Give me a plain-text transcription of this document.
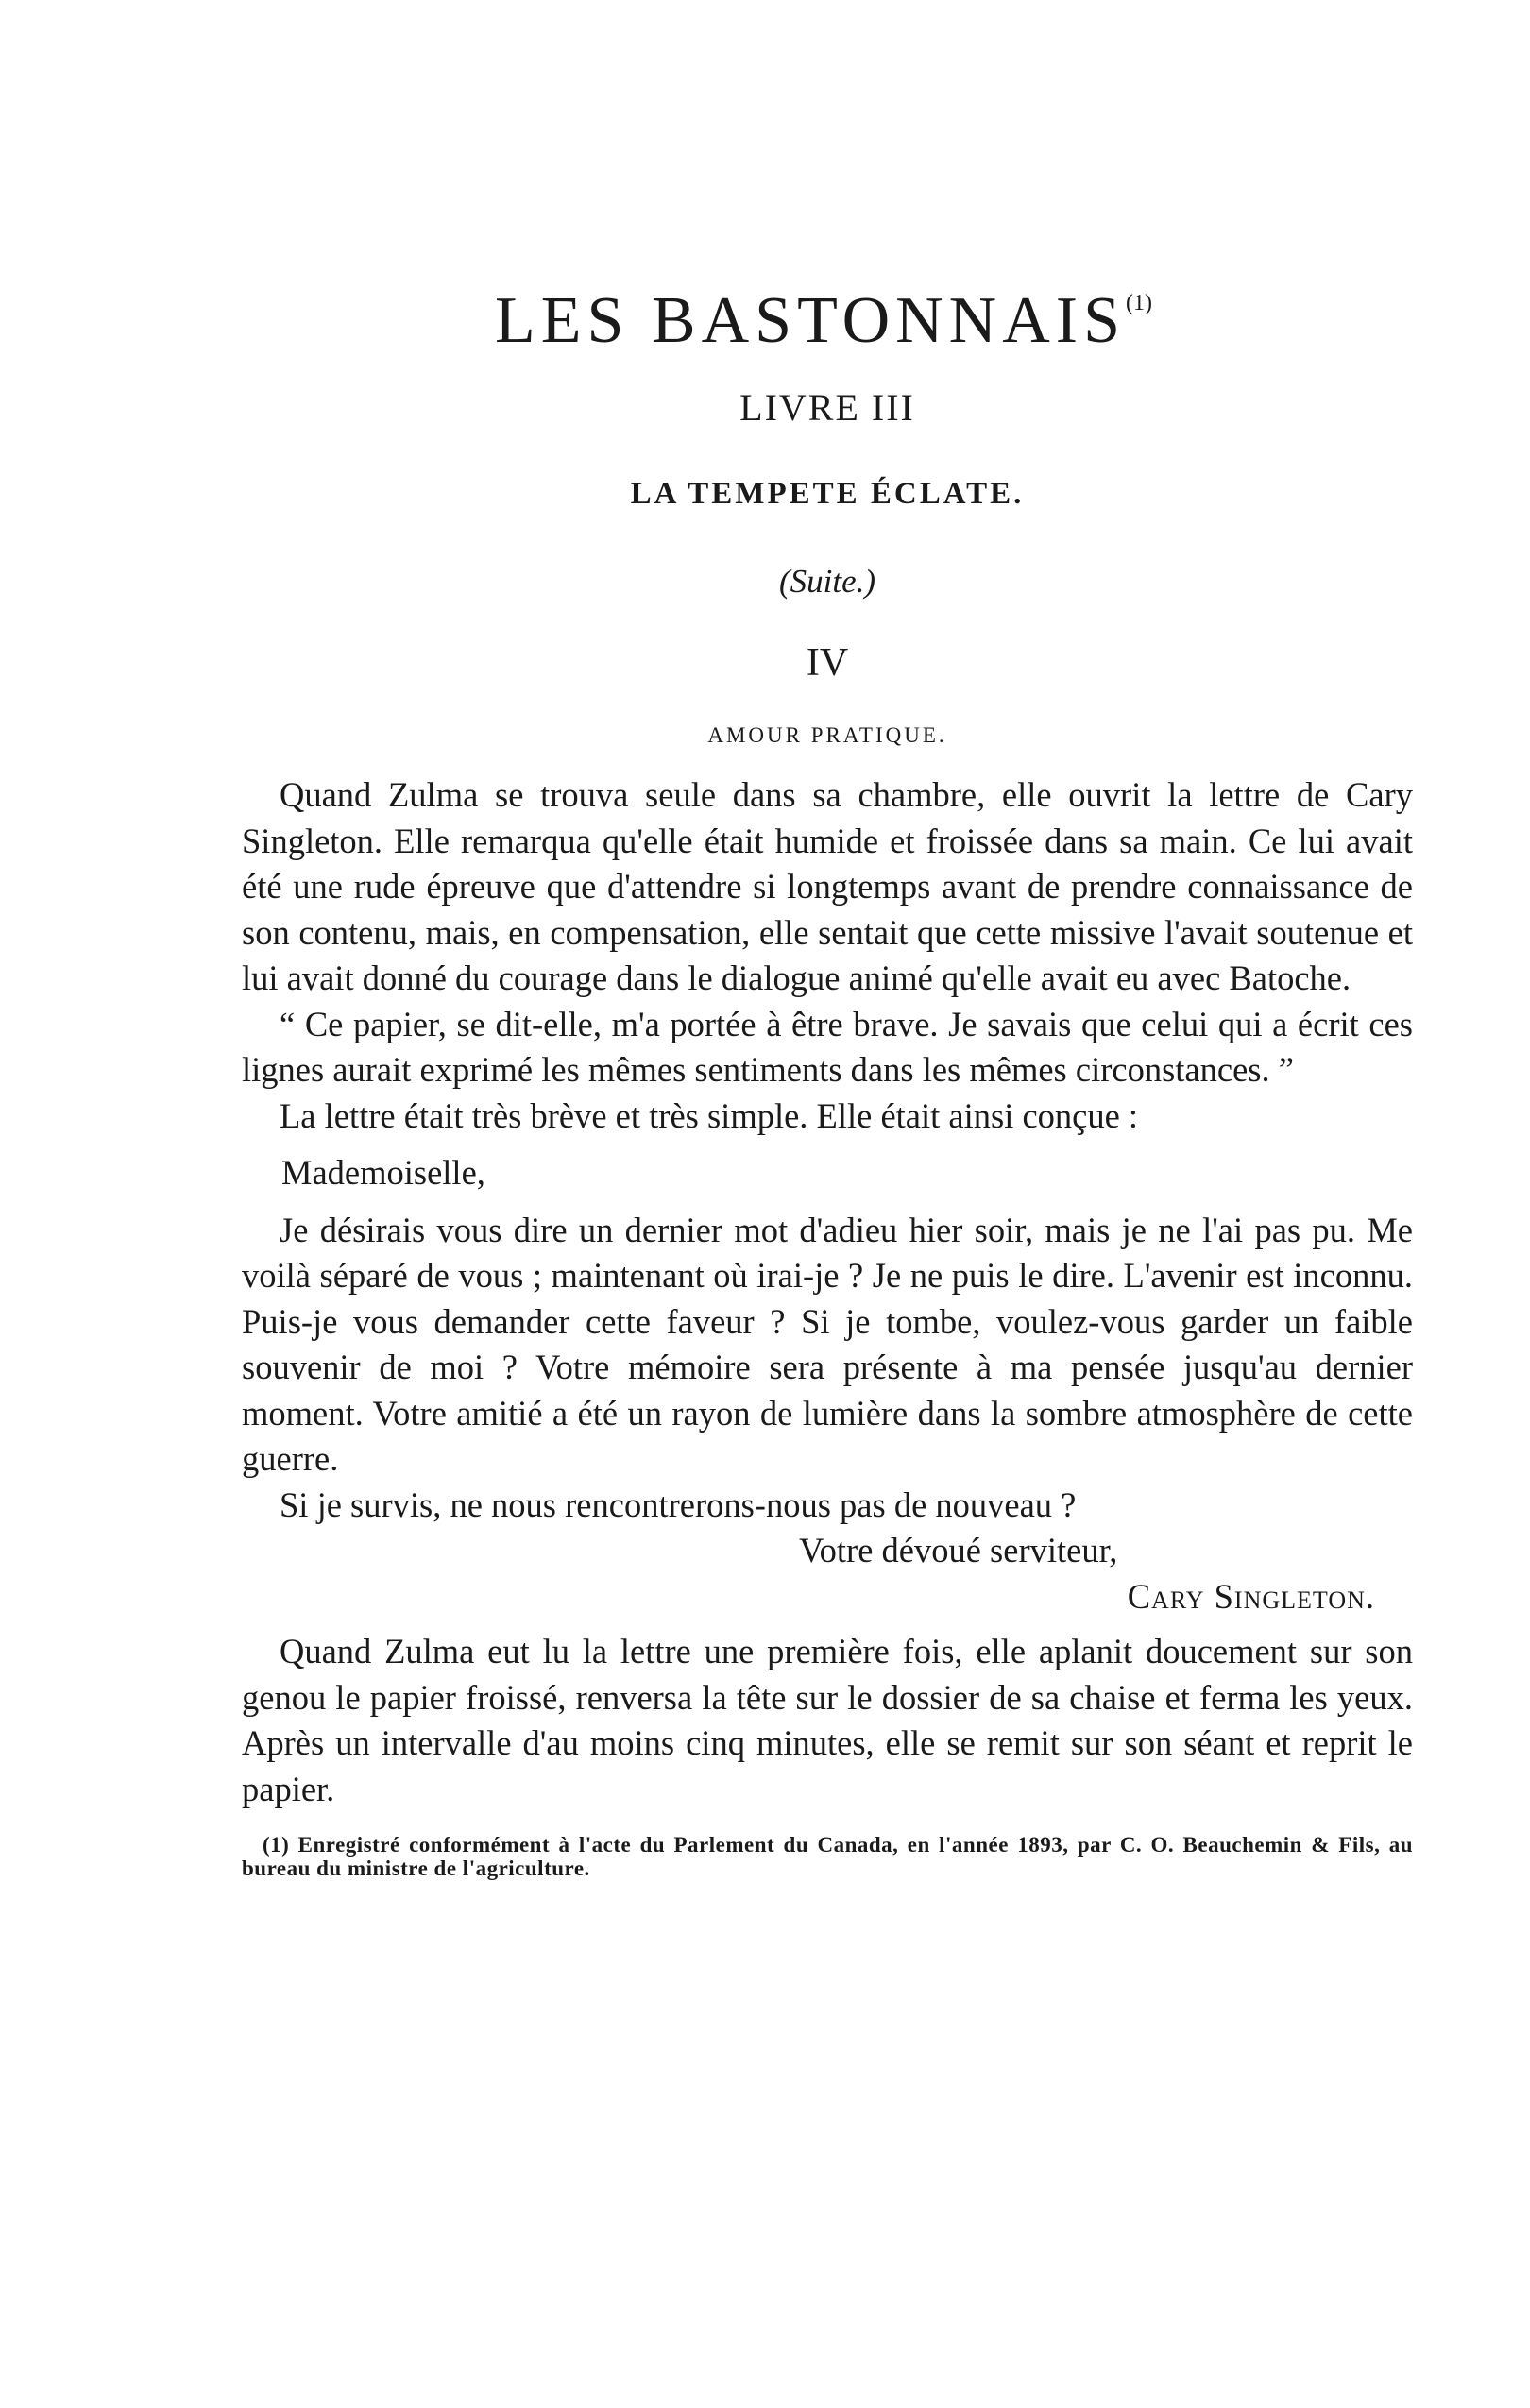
LES BASTONNAIS$^{(1)}$
LIVRE III
LA TEMPETE ÉCLATE.
(Suite.)
IV
AMOUR PRATIQUE.

Quand Zulma se trouva seule dans sa chambre, elle ouvrit la lettre de Cary Singleton. Elle remarqua qu'elle était humide et froissée dans sa main. Ce lui avait été une rude épreuve que d'attendre si longtemps avant de prendre connaissance de son contenu, mais, en compensation, elle sentait que cette missive l'avait soutenue et lui avait donné du courage dans le dialogue animé qu'elle avait eu avec Batoche.

“ Ce papier, se dit-elle, m'a portée à être brave. Je savais que celui qui a écrit ces lignes aurait exprimé les mêmes sentiments dans les mêmes circonstances. ”

La lettre était très brève et très simple. Elle était ainsi conçue :

Mademoiselle,

Je désirais vous dire un dernier mot d'adieu hier soir, mais je ne l'ai pas pu. Me voilà séparé de vous ; maintenant où irai-je ? Je ne puis le dire. L'avenir est inconnu. Puis-je vous demander cette faveur ? Si je tombe, voulez-vous garder un faible souvenir de moi ? Votre mémoire sera présente à ma pensée jusqu'au dernier moment. Votre amitié a été un rayon de lumière dans la sombre atmosphère de cette guerre.

Si je survis, ne nous rencontrerons-nous pas de nouveau ?

Votre dévoué serviteur,

Cary Singleton.

Quand Zulma eut lu la lettre une première fois, elle aplanit doucement sur son genou le papier froissé, renversa la tête sur le dossier de sa chaise et ferma les yeux. Après un intervalle d'au moins cinq minutes, elle se remit sur son séant et reprit le papier.

(1) Enregistré conformément à l'acte du Parlement du Canada, en l'année 1893, par C. O. Beauchemin & Fils, au bureau du ministre de l'agriculture.
